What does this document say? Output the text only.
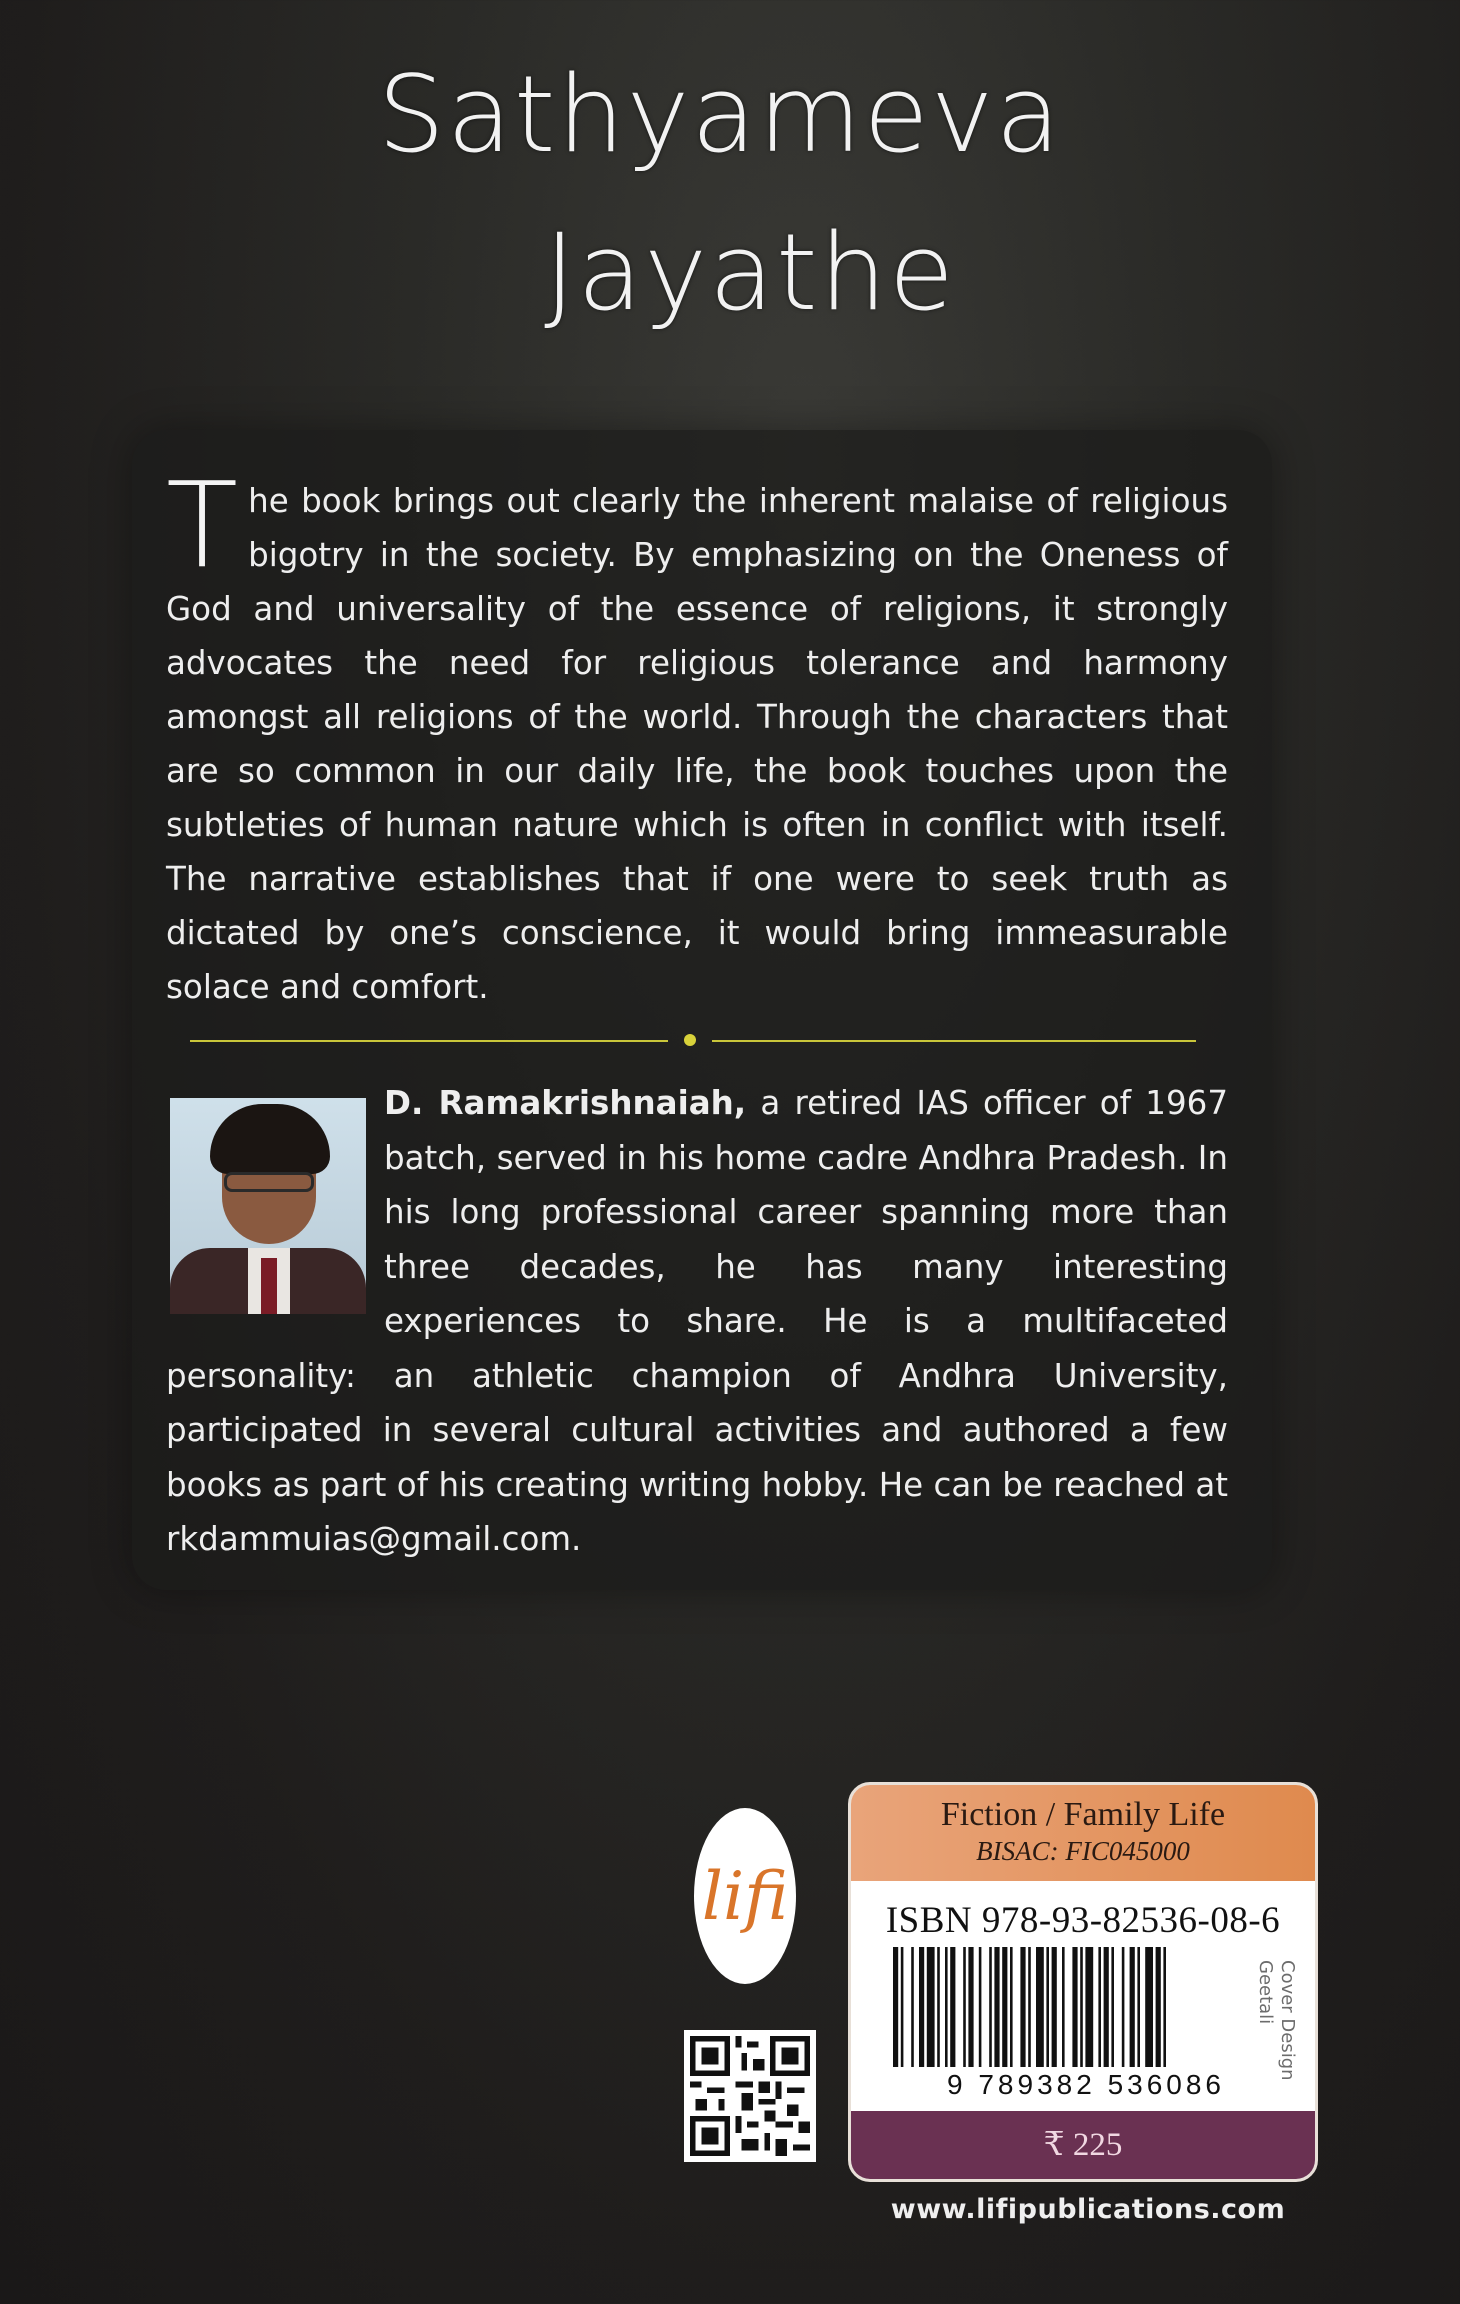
Sathyameva
Jayathe
The book brings out clearly the inherent malaise of religious bigotry in the society. By emphasizing on the Oneness of God and universality of the essence of religions, it strongly advocates the need for religious tolerance and harmony amongst all religions of the world. Through the characters that are so common in our daily life, the book touches upon the subtleties of human nature which is often in conflict with itself. The narrative establishes that if one were to seek truth as dictated by one’s conscience, it would bring immeasurable solace and comfort.
D. Ramakrishnaiah, a retired IAS officer of 1967 batch, served in his home cadre Andhra Pradesh. In his long professional career spanning more than three decades, he has many interesting experiences to share. He is a multifaceted personality: an athletic champion of Andhra University, participated in several cultural activities and authored a few books as part of his creating writing hobby. He can be reached at rkdammuias@gmail.com.
lifi
Fiction / Family Life
BISAC: FIC045000
ISBN 978-93-82536-08-6
9 789382 536086
₹ 225
Cover Design
Geetali
www.lifipublications.com
